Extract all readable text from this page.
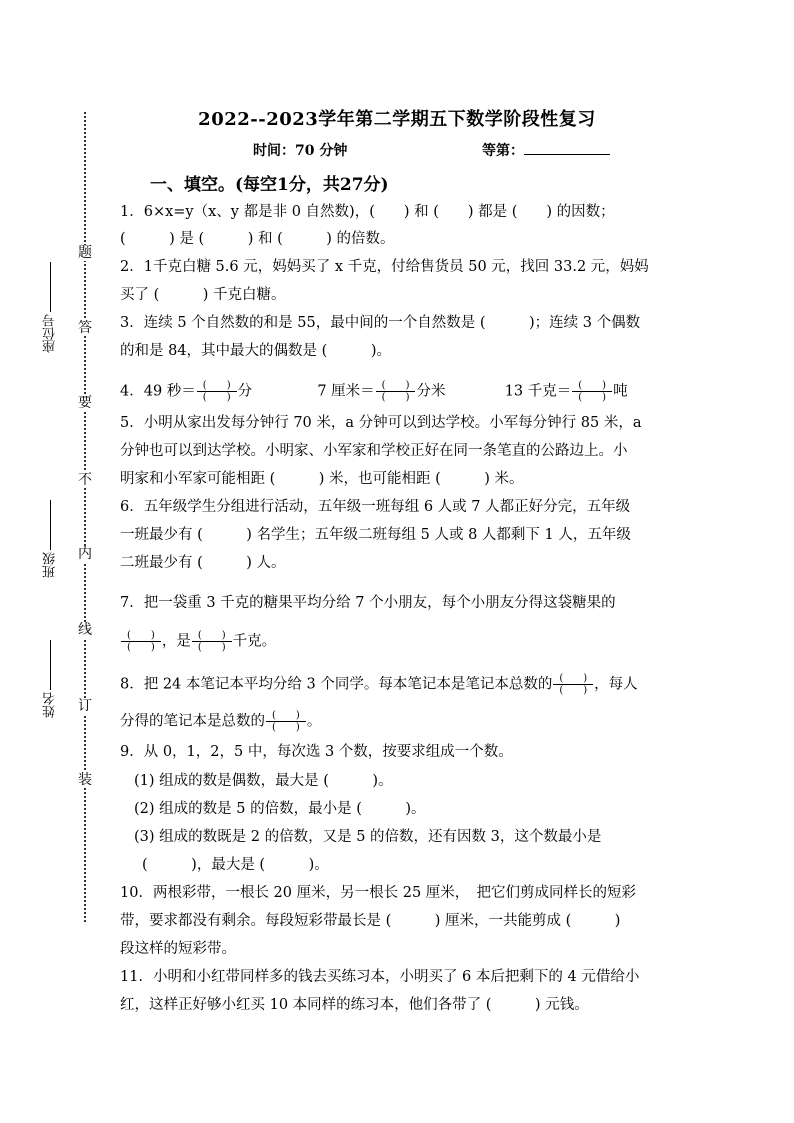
题
答
要
不
内
线
订
装
座位号
班级
姓名
2022--2023学年第二学期五下数学阶段性复习
时间：70 分钟	等第：
一、填空。(每空1分，共27分)
1．6×x=y（x、y 都是非 0 自然数)，(　　) 和 (　　) 都是 (　　) 的因数；
(　　　) 是 (　　　) 和 (　　　) 的倍数。
2．1千克白糖 5.6 元，妈妈买了 x 千克，付给售货员 50 元，找回 33.2 元，妈妈
买了 (　　　) 千克白糖。
3．连续 5 个自然数的和是 55，最中间的一个自然数是 (　　　)；连续 3 个偶数
的和是 84，其中最大的偶数是 (　　　)。
4．49 秒＝ $\frac{( )}{( )}$ 分	7 厘米＝ $\frac{( )}{( )}$ 分米	13 千克＝ $\frac{( )}{( )}$ 吨
5．小明从家出发每分钟行 70 米，a 分钟可以到达学校。小军每分钟行 85 米，a
分钟也可以到达学校。小明家、小军家和学校正好在同一条笔直的公路边上。小
明家和小军家可能相距 (　　　) 米，也可能相距 (　　　) 米。
6．五年级学生分组进行活动，五年级一班每组 6 人或 7 人都正好分完，五年级
一班最少有 (　　　) 名学生；五年级二班每组 5 人或 8 人都剩下 1 人，五年级
二班最少有 (　　　) 人。
7．把一袋重 3 千克的糖果平均分给 7 个小朋友，每个小朋友分得这袋糖果的
$\frac{( )}{( )}$ ，是 $\frac{( )}{( )}$ 千克。
8．把 24 本笔记本平均分给 3 个同学。每本笔记本是笔记本总数的 $\frac{( )}{( )}$ ，每人
分得的笔记本是总数的 $\frac{( )}{( )}$ 。
9．从 0，1，2，5 中，每次选 3 个数，按要求组成一个数。
(1) 组成的数是偶数，最大是 (　　　)。
(2) 组成的数是 5 的倍数，最小是 (　　　)。
(3) 组成的数既是 2 的倍数，又是 5 的倍数，还有因数 3，这个数最小是
(　　　)，最大是 (　　　)。
10．两根彩带，一根长 20 厘米，另一根长 25 厘米，　把它们剪成同样长的短彩
带，要求都没有剩余。每段短彩带最长是 (　　　) 厘米，一共能剪成 (　　　)
段这样的短彩带。
11．小明和小红带同样多的钱去买练习本，小明买了 6 本后把剩下的 4 元借给小
红，这样正好够小红买 10 本同样的练习本，他们各带了 (　　　) 元钱。
